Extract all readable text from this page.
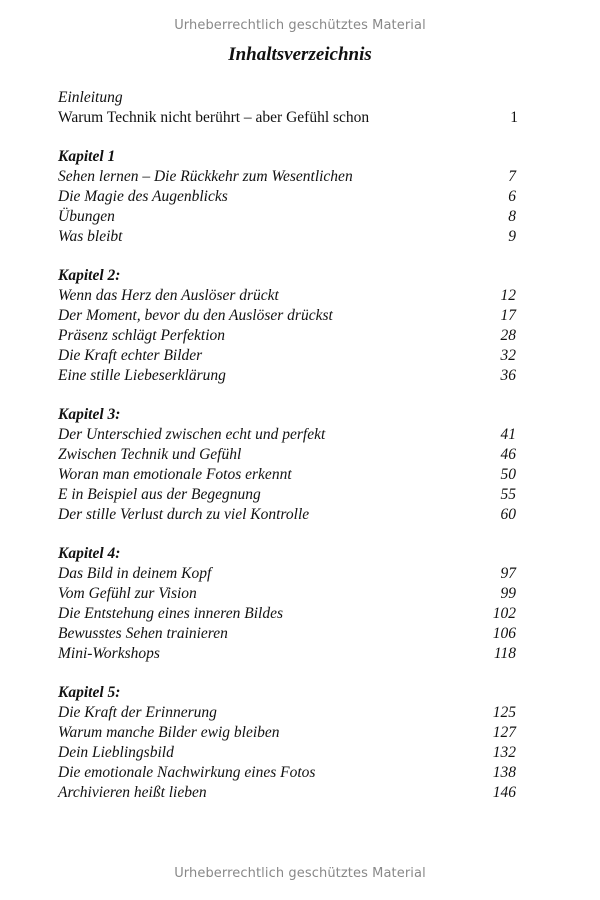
Urheberrechtlich geschütztes Material
Inhaltsverzeichnis
Einleitung
Warum Technik nicht berührt – aber Gefühl schon	1
Kapitel 1
Sehen lernen – Die Rückkehr zum Wesentlichen	7
Die Magie des Augenblicks	6
Übungen	8
Was bleibt	9
Kapitel 2:
Wenn das Herz den Auslöser drückt	12
Der Moment, bevor du den Auslöser drückst	17
Präsenz schlägt Perfektion	28
Die Kraft echter Bilder	32
Eine stille Liebeserklärung	36
Kapitel 3:
Der Unterschied zwischen echt und perfekt	41
Zwischen Technik und Gefühl	46
Woran man emotionale Fotos erkennt	50
E in Beispiel aus der Begegnung	55
Der stille Verlust durch zu viel Kontrolle	60
Kapitel 4:
Das Bild in deinem Kopf	97
Vom Gefühl zur Vision	99
Die Entstehung eines inneren Bildes	102
Bewusstes Sehen trainieren	106
Mini-Workshops	118
Kapitel 5:
Die Kraft der Erinnerung	125
Warum manche Bilder ewig bleiben	127
Dein Lieblingsbild	132
Die emotionale Nachwirkung eines Fotos	138
Archivieren heißt lieben	146
Urheberrechtlich geschütztes Material
